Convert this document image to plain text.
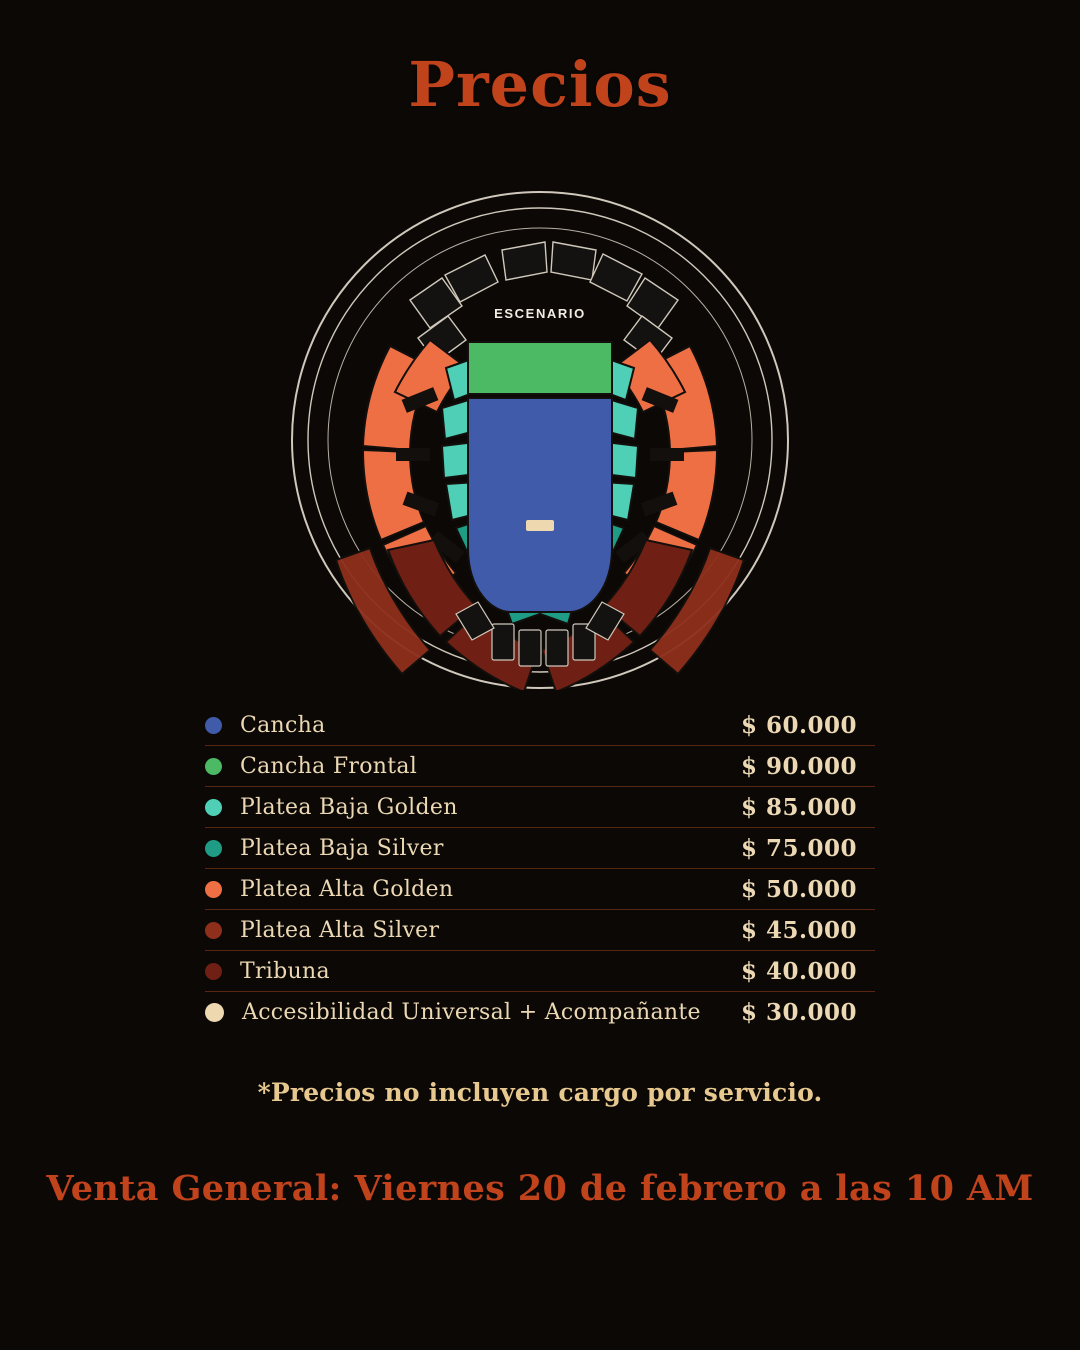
Precios
ESCENARIO
Cancha	$ 60.000
Cancha Frontal	$ 90.000
Platea Baja Golden	$ 85.000
Platea Baja Silver	$ 75.000
Platea Alta Golden	$ 50.000
Platea Alta Silver	$ 45.000
Tribuna	$ 40.000
Accesibilidad Universal + Acompañante $ 30.000
*Precios no incluyen cargo por servicio.
Venta General: Viernes 20 de febrero a las 10 AM
